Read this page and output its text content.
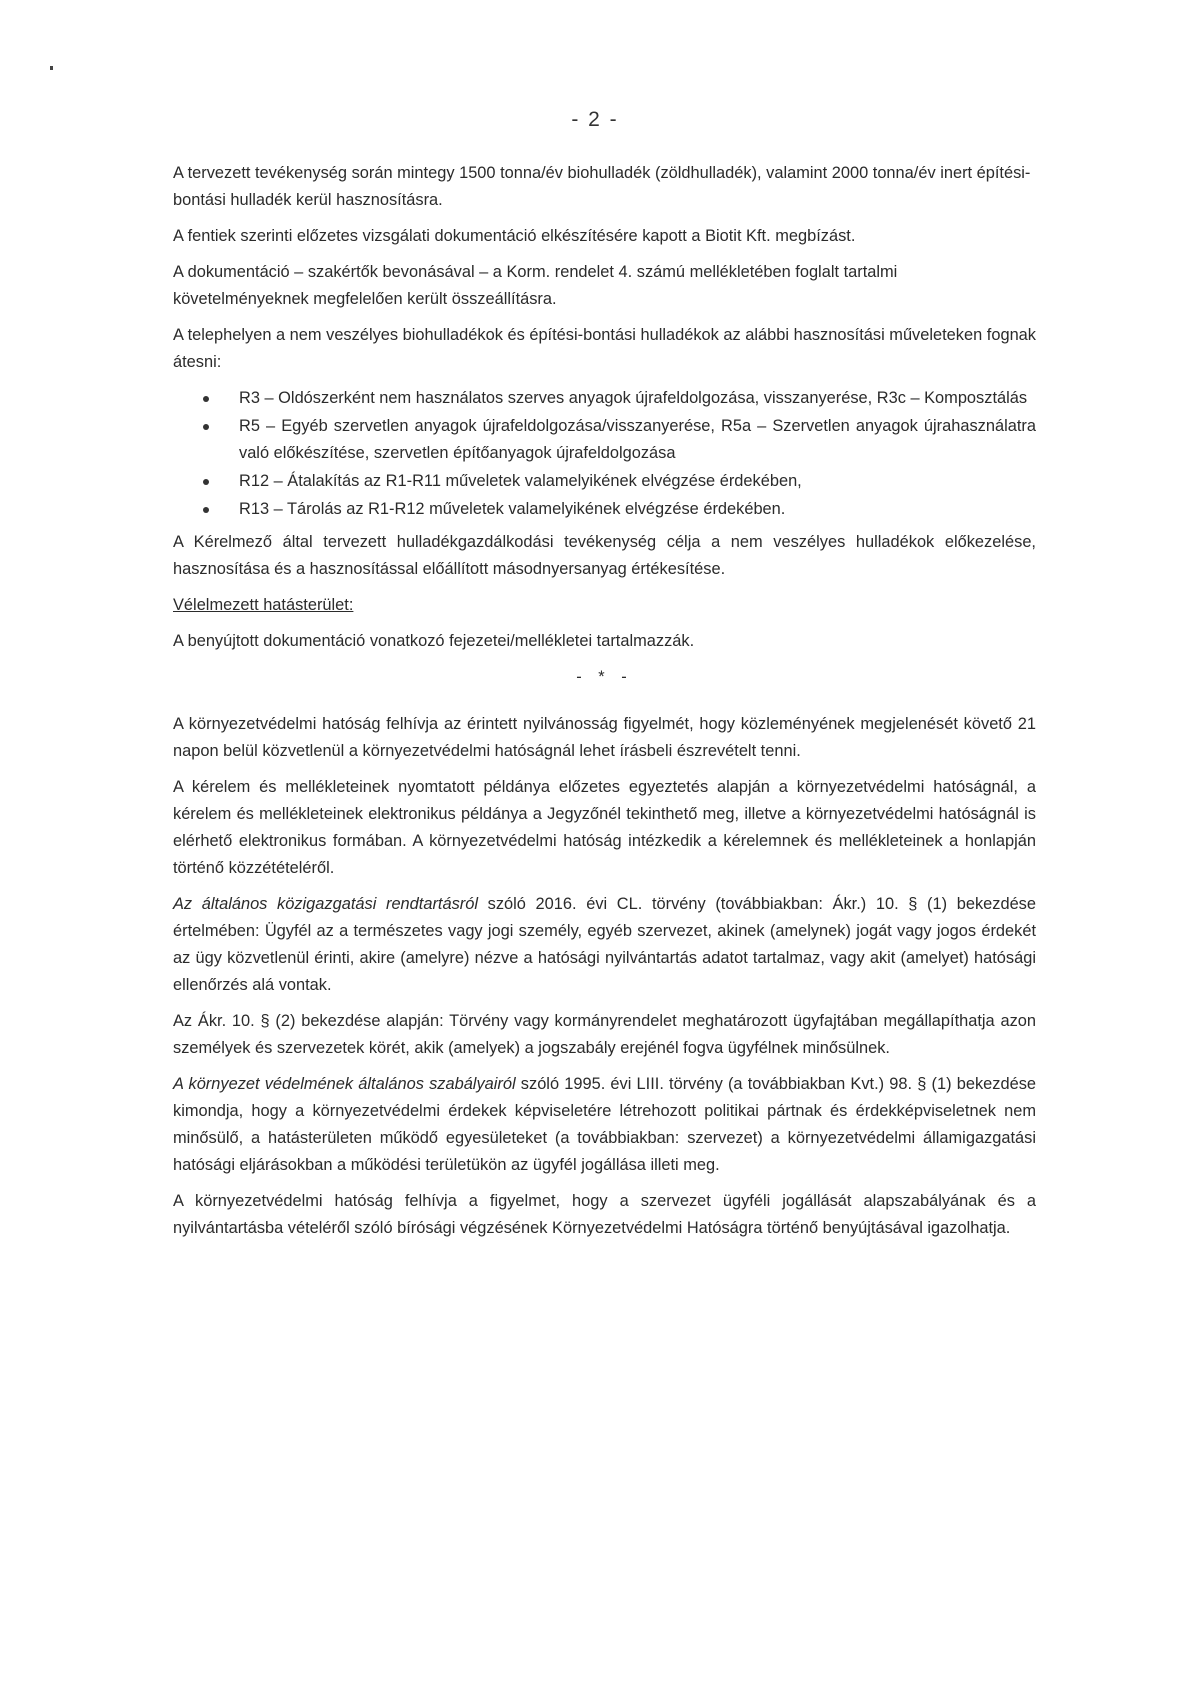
- 2 -

A tervezett tevékenység során mintegy 1500 tonna/év biohulladék (zöldhulladék), valamint 2000 tonna/év inert építési-bontási hulladék kerül hasznosításra.

A fentiek szerinti előzetes vizsgálati dokumentáció elkészítésére kapott a Biotit Kft. megbízást.

A dokumentáció – szakértők bevonásával – a Korm. rendelet 4. számú mellékletében foglalt tartalmi követelményeknek megfelelően került összeállításra.

A telephelyen a nem veszélyes biohulladékok és építési-bontási hulladékok az alábbi hasznosítási műveleteken fognak átesni:

R3 – Oldószerként nem használatos szerves anyagok újrafeldolgozása, visszanyerése, R3c – Komposztálás
R5 – Egyéb szervetlen anyagok újrafeldolgozása/visszanyerése, R5a – Szervetlen anyagok újrahasználatra való előkészítése, szervetlen építőanyagok újrafeldolgozása
R12 – Átalakítás az R1-R11 műveletek valamelyikének elvégzése érdekében,
R13 – Tárolás az R1-R12 műveletek valamelyikének elvégzése érdekében.

A Kérelmező által tervezett hulladékgazdálkodási tevékenység célja a nem veszélyes hulladékok előkezelése, hasznosítása és a hasznosítással előállított másodnyersanyag értékesítése.

Vélelmezett hatásterület:

A benyújtott dokumentáció vonatkozó fejezetei/mellékletei tartalmazzák.

- * -

A környezetvédelmi hatóság felhívja az érintett nyilvánosság figyelmét, hogy közleményének megjelenését követő 21 napon belül közvetlenül a környezetvédelmi hatóságnál lehet írásbeli észrevételt tenni.

A kérelem és mellékleteinek nyomtatott példánya előzetes egyeztetés alapján a környezetvédelmi hatóságnál, a kérelem és mellékleteinek elektronikus példánya a Jegyzőnél tekinthető meg, illetve a környezetvédelmi hatóságnál is elérhető elektronikus formában. A környezetvédelmi hatóság intézkedik a kérelemnek és mellékleteinek a honlapján történő közzétételéről.

Az általános közigazgatási rendtartásról szóló 2016. évi CL. törvény (továbbiakban: Ákr.) 10. § (1) bekezdése értelmében: Ügyfél az a természetes vagy jogi személy, egyéb szervezet, akinek (amelynek) jogát vagy jogos érdekét az ügy közvetlenül érinti, akire (amelyre) nézve a hatósági nyilvántartás adatot tartalmaz, vagy akit (amelyet) hatósági ellenőrzés alá vontak.

Az Ákr. 10. § (2) bekezdése alapján: Törvény vagy kormányrendelet meghatározott ügyfajtában megállapíthatja azon személyek és szervezetek körét, akik (amelyek) a jogszabály erejénél fogva ügyfélnek minősülnek.

A környezet védelmének általános szabályairól szóló 1995. évi LIII. törvény (a továbbiakban Kvt.) 98. § (1) bekezdése kimondja, hogy a környezetvédelmi érdekek képviseletére létrehozott politikai pártnak és érdekképviseletnek nem minősülő, a hatásterületen működő egyesületeket (a továbbiakban: szervezet) a környezetvédelmi államigazgatási hatósági eljárásokban a működési területükön az ügyfél jogállása illeti meg.

A környezetvédelmi hatóság felhívja a figyelmet, hogy a szervezet ügyféli jogállását alapszabályának és a nyilvántartásba vételéről szóló bírósági végzésének Környezetvédelmi Hatóságra történő benyújtásával igazolhatja.
